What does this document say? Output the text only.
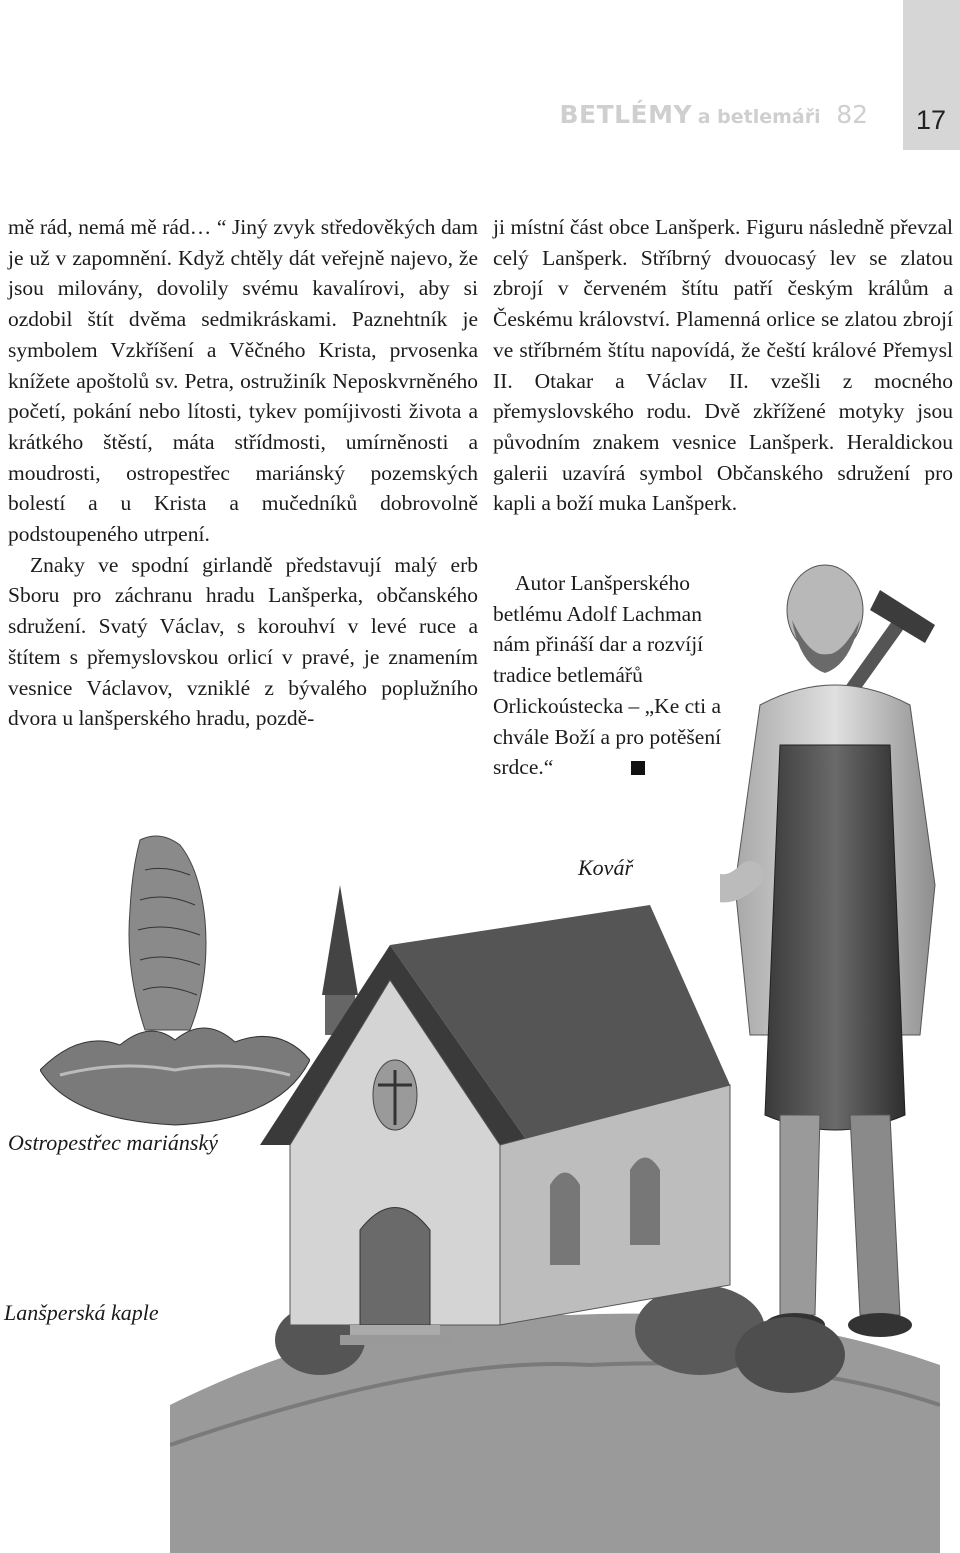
BETLÉMY a betlemáři 82 17

mě rád, nemá mě rád… “ Jiný zvyk středověkých dam je už v zapomnění. Když chtěly dát veřejně najevo, že jsou milovány, dovolily svému kavalírovi, aby si ozdobil štít dvěma sedmikráskami. Paznehtník je symbolem Vzkříšení a Věčného Krista, prvosenka knížete apoštolů sv. Petra, ostružiník Neposkvrněného početí, pokání nebo lítosti, tykev pomíjivosti života a krátkého štěstí, máta střídmosti, umírněnosti a moudrosti, ostropestřec mariánský pozemských bolestí a u Krista a mučedníků dobrovolně podstoupeného utrpení.

Znaky ve spodní girlandě představují malý erb Sboru pro záchranu hradu Lanšperka, občanského sdružení. Svatý Václav, s korouhví v levé ruce a štítem s přemyslovskou orlicí v pravé, je znamením vesnice Václavov, vzniklé z bývalého poplužního dvora u lanšperského hradu, pozdě-

ji místní část obce Lanšperk. Figuru následně převzal celý Lanšperk. Stříbrný dvouocasý lev se zlatou zbrojí v červeném štítu patří českým králům a Českému království. Plamenná orlice se zlatou zbrojí ve stříbrném štítu napovídá, že čeští králové Přemysl II. Otakar a Václav II. vzešli z mocného přemyslovského rodu. Dvě zkřížené motyky jsou původním znakem vesnice Lanšperk. Heraldickou galerii uzavírá symbol Občanského sdružení pro kapli a boží muka Lanšperk.

Autor Lanšperského betlému Adolf Lachman nám přináší dar a rozvíjí tradice betlemářů Orlickoústecka – „Ke cti a chvále Boží a pro potěšení srdce.“

Kovář
Ostropestřec mariánský
Lanšperská kaple
